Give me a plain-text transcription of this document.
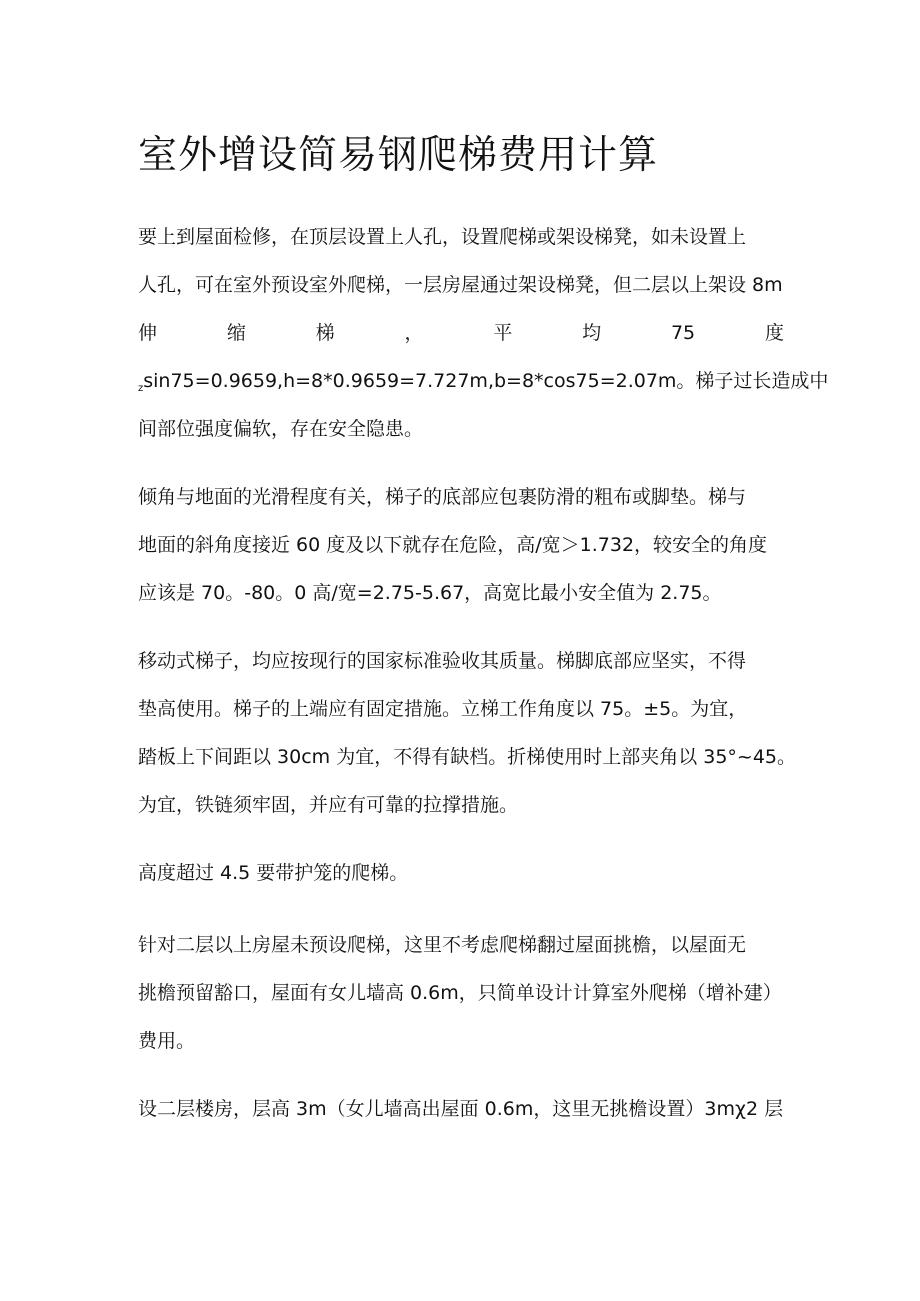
室外增设简易钢爬梯费用计算
要上到屋面检修，在顶层设置上人孔，设置爬梯或架设梯凳，如未设置上
人孔，可在室外预设室外爬梯，一层房屋通过架设梯凳，但二层以上架设 8m
伸	缩	梯	，	平	均	75	度
$_z$sin75=0.9659,h=8*0.9659=7.727m,b=8*cos75=2.07m。梯子过长造成中
间部位强度偏软，存在安全隐患。
倾角与地面的光滑程度有关，梯子的底部应包裹防滑的粗布或脚垫。梯与
地面的斜角度接近 60 度及以下就存在危险，高/宽＞1.732，较安全的角度
应该是 70。-80。0 高/宽=2.75-5.67，高宽比最小安全值为 2.75。
移动式梯子，均应按现行的国家标准验收其质量。梯脚底部应坚实，不得
垫高使用。梯子的上端应有固定措施。立梯工作角度以 75。±5。为宜，
踏板上下间距以 30cm 为宜，不得有缺档。折梯使用时上部夹角以 35°~45。
为宜，铁链须牢固，并应有可靠的拉撑措施。
高度超过 4.5 要带护笼的爬梯。
针对二层以上房屋未预设爬梯，这里不考虑爬梯翻过屋面挑檐，以屋面无
挑檐预留豁口，屋面有女儿墙高 0.6m，只简单设计计算室外爬梯（增补建）
费用。
设二层楼房，层高 3m（女儿墙高出屋面 0.6m，这里无挑檐设置）3mχ2 层
